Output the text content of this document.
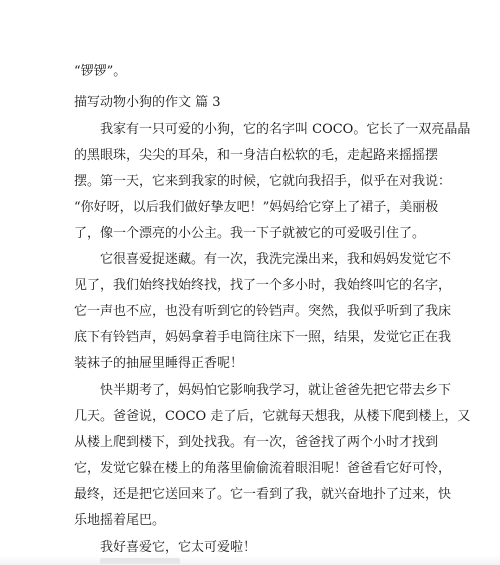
“锣锣”。
描写动物小狗的作文 篇 3
我家有一只可爱的小狗，它的名字叫 COCO。它长了一双亮晶晶
的黑眼珠，尖尖的耳朵，和一身洁白松软的毛，走起路来摇摇摆
摆。第一天，它来到我家的时候，它就向我招手，似乎在对我说：
“你好呀，以后我们做好挚友吧！”妈妈给它穿上了裙子，美丽极
了，像一个漂亮的小公主。我一下子就被它的可爱吸引住了。
它很喜爱捉迷藏。有一次，我洗完澡出来，我和妈妈发觉它不
见了，我们始终找始终找，找了一个多小时，我始终叫它的名字，
它一声也不应，也没有听到它的铃铛声。突然，我似乎听到了我床
底下有铃铛声，妈妈拿着手电筒往床下一照，结果，发觉它正在我
装袜子的抽屉里睡得正香呢！
快半期考了，妈妈怕它影响我学习，就让爸爸先把它带去乡下
几天。爸爸说，COCO 走了后，它就每天想我，从楼下爬到楼上，又
从楼上爬到楼下，到处找我。有一次，爸爸找了两个小时才找到
它，发觉它躲在楼上的角落里偷偷流着眼泪呢！爸爸看它好可怜，
最终，还是把它送回来了。它一看到了我，就兴奋地扑了过来，快
乐地摇着尾巴。
我好喜爱它，它太可爱啦！
